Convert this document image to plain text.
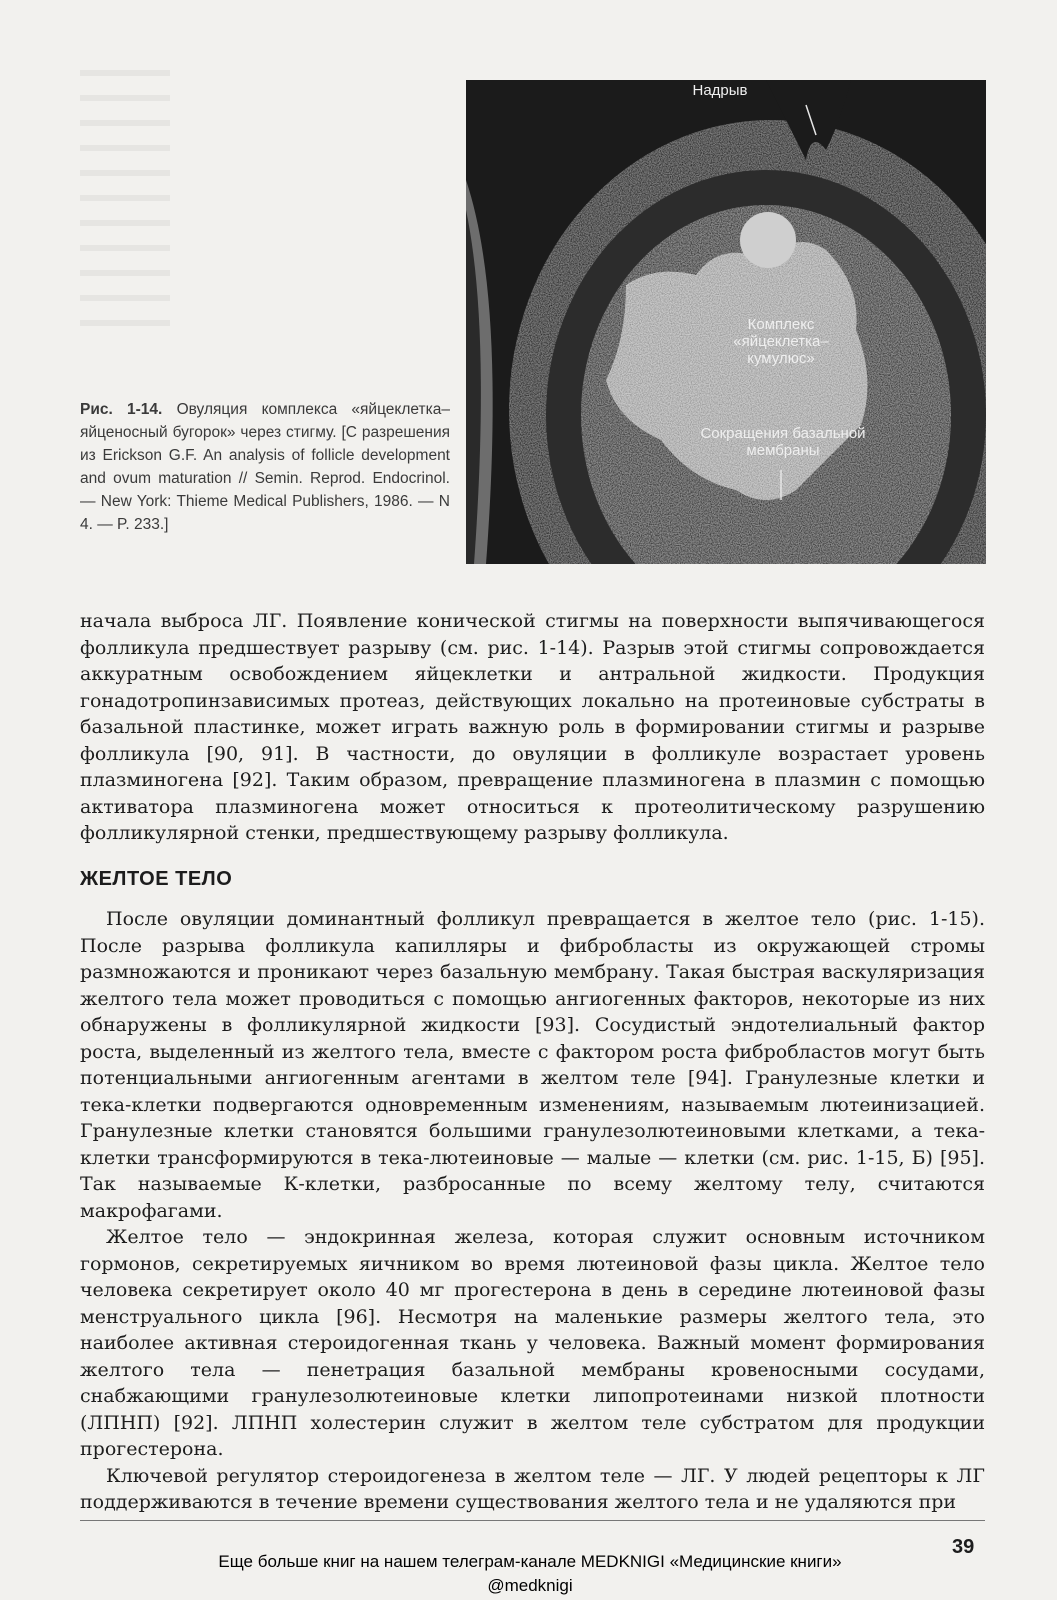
Надрыв
Комплекс «яйцеклетка–кумулюс»
Сокращения базальной мембраны
Рис. 1-14. Овуляция комплекса «яйцеклетка–яйценосный бугорок» через стигму. [С разрешения из Erickson G.F. An analysis of follicle development and ovum maturation // Semin. Reprod. Endocrinol. — New York: Thieme Medical Publishers, 1986. — N 4. — P. 233.]

начала выброса ЛГ. Появление конической стигмы на поверхности выпячивающегося фолликула предшествует разрыву (см. рис. 1-14). Разрыв этой стигмы сопровождается аккуратным освобождением яйцеклетки и антральной жидкости. Продукция гонадотропинзависимых протеаз, действующих локально на протеиновые субстраты в базальной пластинке, может играть важную роль в формировании стигмы и разрыве фолликула [90, 91]. В частности, до овуляции в фолликуле возрастает уровень плазминогена [92]. Таким образом, превращение плазминогена в плазмин с помощью активатора плазминогена может относиться к протеолитическому разрушению фолликулярной стенки, предшествующему разрыву фолликула.

ЖЕЛТОЕ ТЕЛО

После овуляции доминантный фолликул превращается в желтое тело (рис. 1-15). После разрыва фолликула капилляры и фибробласты из окружающей стромы размножаются и проникают через базальную мембрану. Такая быстрая васкуляризация желтого тела может проводиться с помощью ангиогенных факторов, некоторые из них обнаружены в фолликулярной жидкости [93]. Сосудистый эндотелиальный фактор роста, выделенный из желтого тела, вместе с фактором роста фибробластов могут быть потенциальными ангиогенным агентами в желтом теле [94]. Гранулезные клетки и тека-клетки подвергаются одновременным изменениям, называемым лютеинизацией. Гранулезные клетки становятся большими гранулезолютеиновыми клетками, а тека-клетки трансформируются в тека-лютеиновые — малые — клетки (см. рис. 1-15, Б) [95]. Так называемые К-клетки, разбросанные по всему желтому телу, считаются макрофагами.

Желтое тело — эндокринная железа, которая служит основным источником гормонов, секретируемых яичником во время лютеиновой фазы цикла. Желтое тело человека секретирует около 40 мг прогестерона в день в середине лютеиновой фазы менструального цикла [96]. Несмотря на маленькие размеры желтого тела, это наиболее активная стероидогенная ткань у человека. Важный момент формирования желтого тела — пенетрация базальной мембраны кровеносными сосудами, снабжающими гранулезолютеиновые клетки липопротеинами низкой плотности (ЛПНП) [92]. ЛПНП холестерин служит в желтом теле субстратом для продукции прогестерона.

Ключевой регулятор стероидогенеза в желтом теле — ЛГ. У людей рецепторы к ЛГ поддерживаются в течение времени существования желтого тела и не удаляются при

39
Еще больше книг на нашем телеграм-канале MEDKNIGI «Медицинские книги»
@medknigi
